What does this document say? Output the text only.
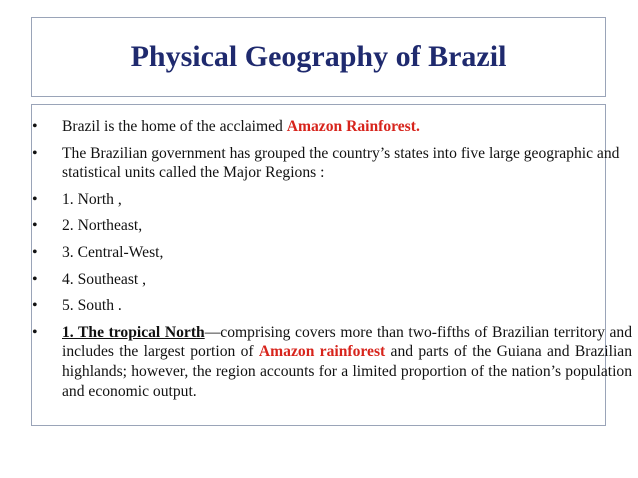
Physical Geography of Brazil
• Brazil is the home of the acclaimed Amazon Rainforest.
• The Brazilian government has grouped the country’s states into five large geographic and statistical units called the Major Regions :
• 1. North ,
• 2. Northeast,
• 3. Central-West,
• 4. Southeast ,
• 5. South .
• 1. The tropical North—comprising covers more than two-fifths of Brazilian territory and includes the largest portion of Amazon rainforest and parts of the Guiana and Brazilian highlands; however, the region accounts for a limited proportion of the nation’s population and economic output.
